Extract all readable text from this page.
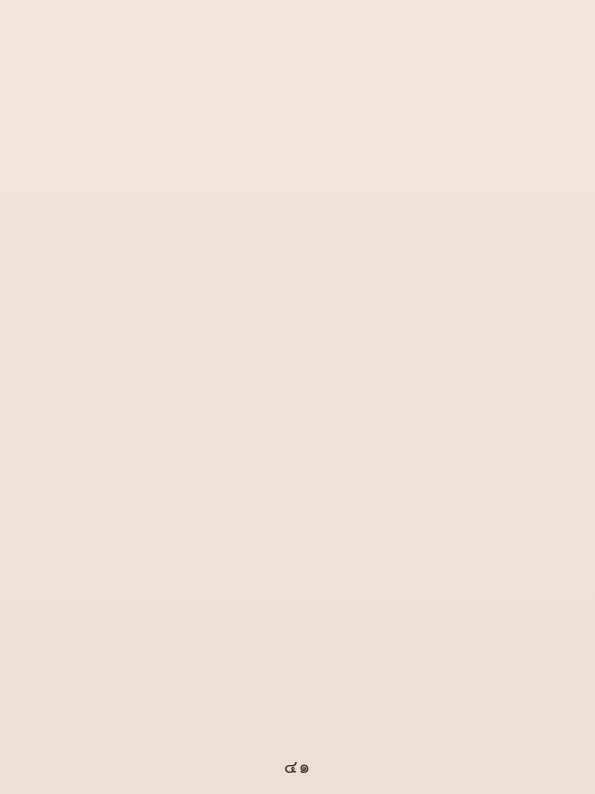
๔๑
